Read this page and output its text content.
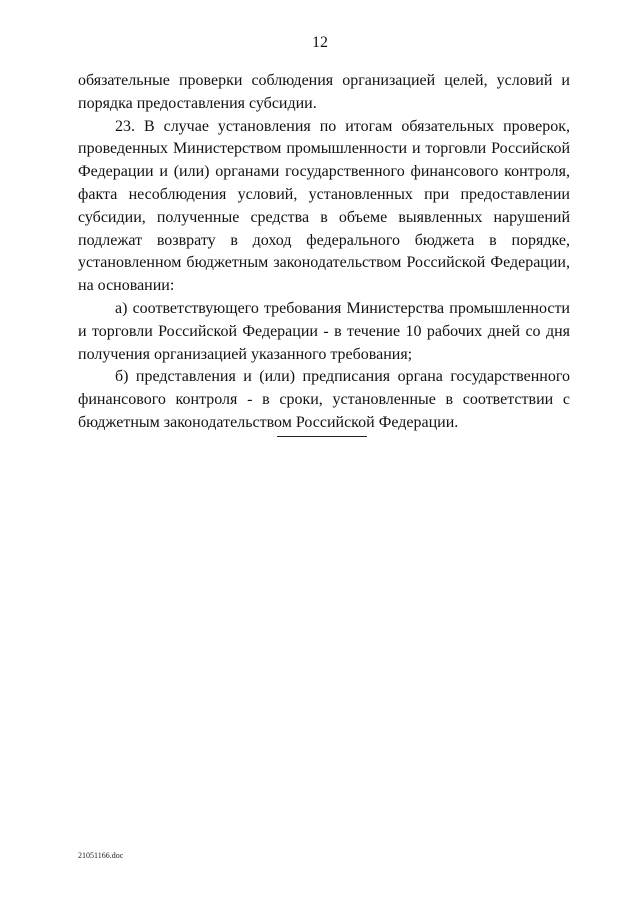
12

обязательные проверки соблюдения организацией целей, условий и порядка предоставления субсидии.

23. В случае установления по итогам обязательных проверок, проведенных Министерством промышленности и торговли Российской Федерации и (или) органами государственного финансового контроля, факта несоблюдения условий, установленных при предоставлении субсидии, полученные средства в объеме выявленных нарушений подлежат возврату в доход федерального бюджета в порядке, установленном бюджетным законодательством Российской Федерации, на основании:

а) соответствующего требования Министерства промышленности и торговли Российской Федерации - в течение 10 рабочих дней со дня получения организацией указанного требования;

б) представления и (или) предписания органа государственного финансового контроля - в сроки, установленные в соответствии с бюджетным законодательством Российской Федерации.

21051166.doc
